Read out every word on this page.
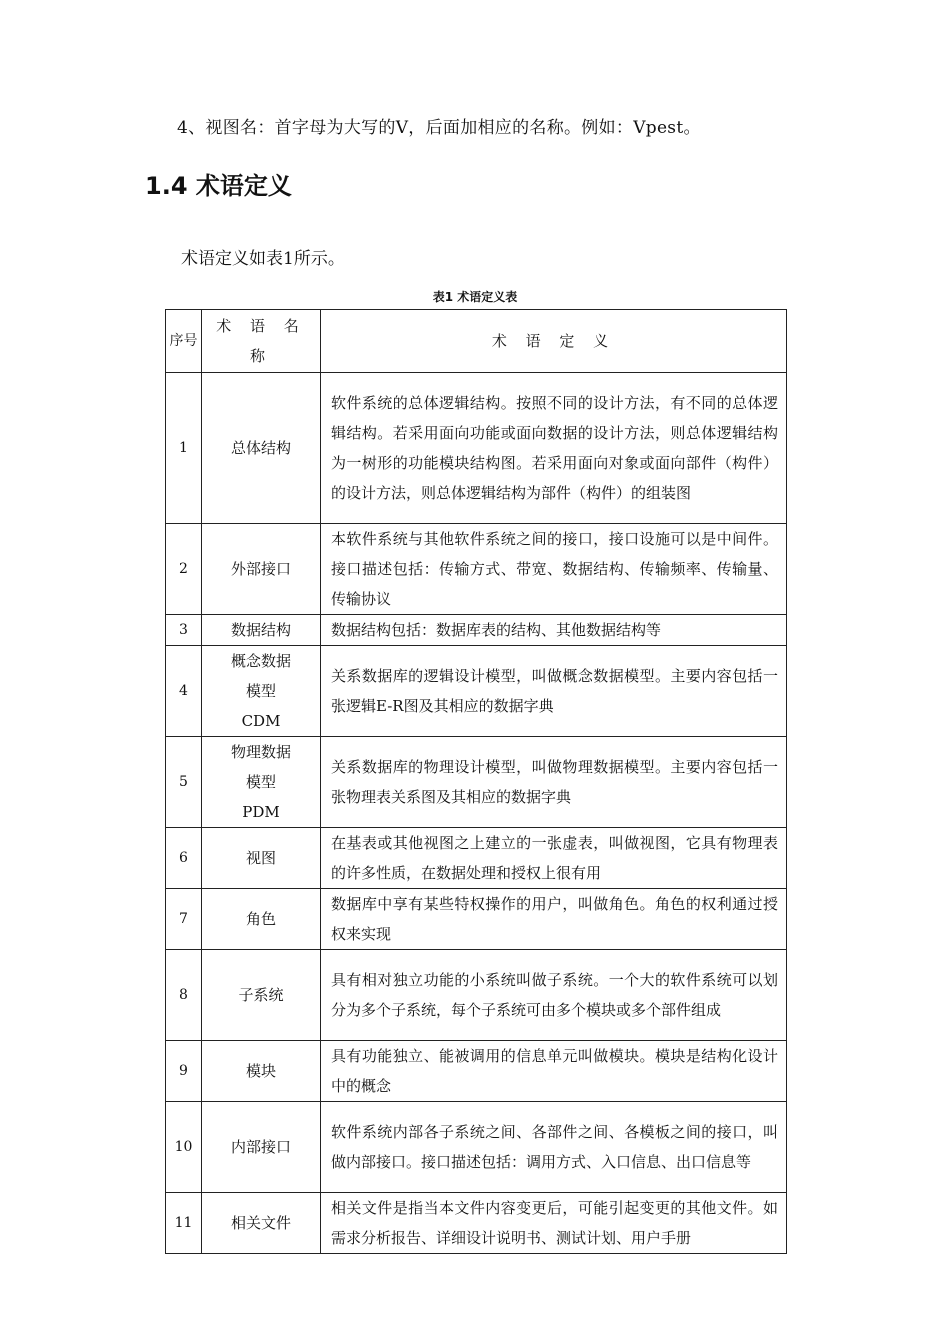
4、视图名：首字母为大写的V，后面加相应的名称。例如：Vpest。
1.4 术语定义
术语定义如表1所示。
表1 术语定义表
序号	术 语 名 称	术 语 定 义
1	总体结构	软件系统的总体逻辑结构。按照不同的设计方法，有不同的总体逻辑结构。若采用面向功能或面向数据的设计方法，则总体逻辑结构为一树形的功能模块结构图。若采用面向对象或面向部件（构件）的设计方法，则总体逻辑结构为部件（构件）的组装图
2	外部接口	本软件系统与其他软件系统之间的接口，接口设施可以是中间件。接口描述包括：传输方式、带宽、数据结构、传输频率、传输量、传输协议
3	数据结构	数据结构包括：数据库表的结构、其他数据结构等
4	概念数据模型CDM	关系数据库的逻辑设计模型，叫做概念数据模型。主要内容包括一张逻辑E-R图及其相应的数据字典
5	物理数据模型PDM	关系数据库的物理设计模型，叫做物理数据模型。主要内容包括一张物理表关系图及其相应的数据字典
6	视图	在基表或其他视图之上建立的一张虚表，叫做视图，它具有物理表的许多性质，在数据处理和授权上很有用
7	角色	数据库中享有某些特权操作的用户，叫做角色。角色的权利通过授权来实现
8	子系统	具有相对独立功能的小系统叫做子系统。一个大的软件系统可以划分为多个子系统，每个子系统可由多个模块或多个部件组成
9	模块	具有功能独立、能被调用的信息单元叫做模块。模块是结构化设计中的概念
10	内部接口	软件系统内部各子系统之间、各部件之间、各模板之间的接口，叫做内部接口。接口描述包括：调用方式、入口信息、出口信息等
11	相关文件	相关文件是指当本文件内容变更后，可能引起变更的其他文件。如需求分析报告、详细设计说明书、测试计划、用户手册
